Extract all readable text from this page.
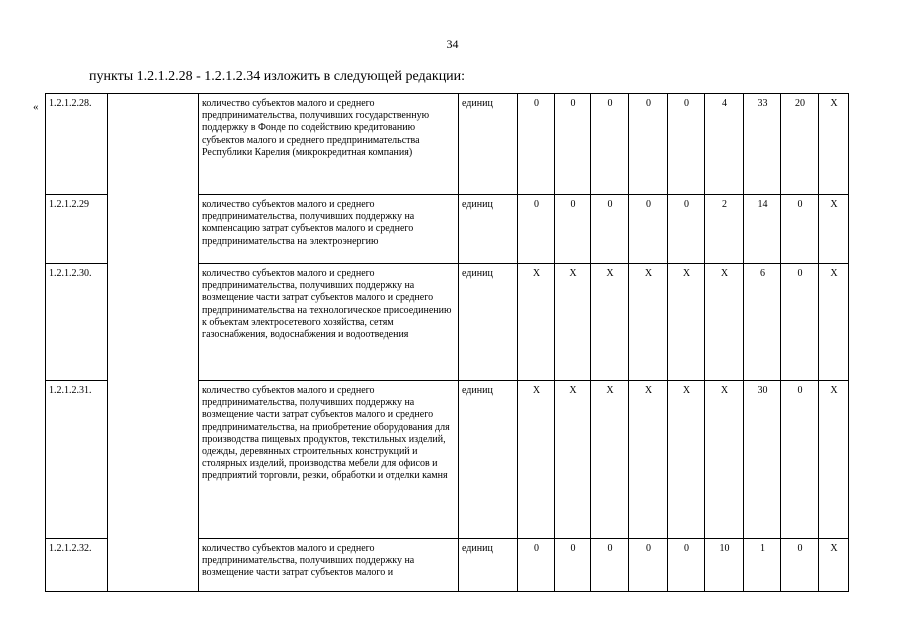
34
пункты 1.2.1.2.28 - 1.2.1.2.34 изложить в следующей редакции:
« 1.2.1.2.28.		количество субъектов малого и среднего предпринимательства, получивших государственную поддержку в Фонде по содействию кредитованию субъектов малого и среднего предпринимательства Республики Карелия (микрокредитная компания)	единиц	0	0	0	0	0	4	33	20	Х
1.2.1.2.29		количество субъектов малого и среднего предпринимательства, получивших поддержку на компенсацию затрат субъектов малого и среднего предпринимательства на электроэнергию	единиц	0	0	0	0	0	2	14	0	Х
1.2.1.2.30.		количество субъектов малого и среднего предпринимательства, получивших поддержку на возмещение части затрат субъектов малого и среднего предпринимательства на технологическое присоединению к объектам электросетевого хозяйства, сетям газоснабжения, водоснабжения и водоотведения	единиц	Х	Х	Х	Х	Х	Х	6	0	Х
1.2.1.2.31.		количество субъектов малого и среднего предпринимательства, получивших поддержку на возмещение части затрат субъектов малого и среднего предпринимательства, на приобретение оборудования для производства пищевых продуктов, текстильных изделий, одежды, деревянных строительных конструкций и столярных изделий, производства мебели для офисов и предприятий торговли, резки, обработки и отделки камня	единиц	Х	Х	Х	Х	Х	Х	30	0	Х
1.2.1.2.32.		количество субъектов малого и среднего предпринимательства, получивших поддержку на возмещение части затрат субъектов малого и	единиц	0	0	0	0	0	10	1	0	Х
